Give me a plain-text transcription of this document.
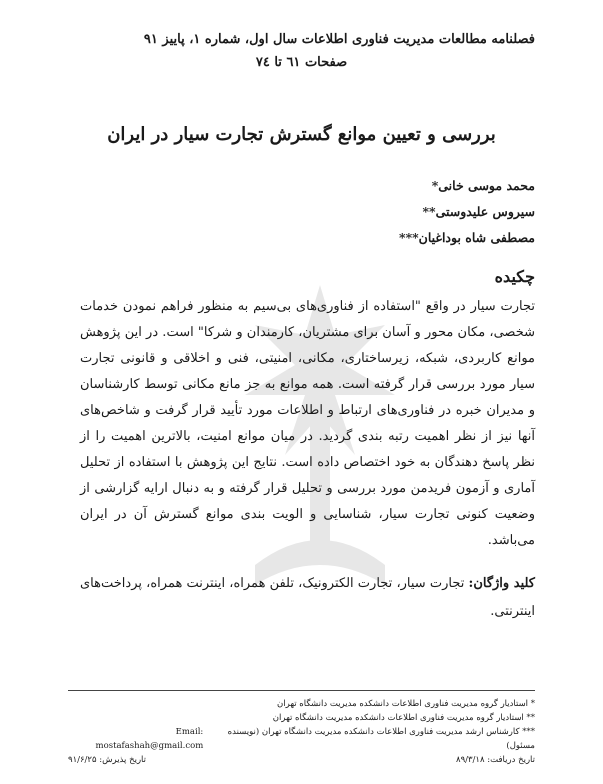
فصلنامه مطالعات مدیریت فناوری اطلاعات سال اول، شماره ۱، پاییز ۹۱
صفحات ٦١ تا ٧٤
بررسی و تعیین موانع گسترش تجارت سیار در ایران
محمد موسی خانی*
سیروس علیدوستی**
مصطفی شاه بوداغیان***
چکیده
تجارت سیار در واقع "استفاده از فناوری‌های بی‌سیم به منظور فراهم نمودن خدمات شخصی، مکان محور و آسان برای مشتریان، کارمندان و شرکا" است. در این پژوهش موانع کاربردی، شبکه، زیرساختاری، مکانی، امنیتی، فنی و اخلاقی و قانونی تجارت سیار مورد بررسی قرار گرفته است. همه موانع به جز مانع مکانی توسط کارشناسان و مدیران خبره در فناوری‌های ارتباط و اطلاعات مورد تأیید قرار گرفت و شاخص‌های آنها نیز از نظر اهمیت رتبه بندی گردید. در میان موانع امنیت، بالاترین اهمیت را از نظر پاسخ دهندگان به خود اختصاص داده است. نتایج این پژوهش با استفاده از تحلیل آماری و آزمون فریدمن مورد بررسی و تحلیل قرار گرفته و به دنبال ارایه گزارشی از وضعیت کنونی تجارت سیار، شناسایی و الویت بندی موانع گسترش آن در ایران می‌باشد.
کلید واژگان: تجارت سیار، تجارت الکترونیک، تلفن همراه، اینترنت همراه، پرداخت‌های اینترنتی.
* استادیار گروه مدیریت فناوری اطلاعات دانشکده مدیریت دانشگاه تهران
** استادیار گروه مدیریت فناوری اطلاعات دانشکده مدیریت دانشگاه تهران
*** کارشناس ارشد مدیریت فناوری اطلاعات دانشکده مدیریت دانشگاه تهران (نویسنده مسئول)
Email: mostafashah@gmail.com
تاریخ دریافت: ۸۹/۳/۱۸
تاریخ پذیرش: ۹۱/۶/۲۵
